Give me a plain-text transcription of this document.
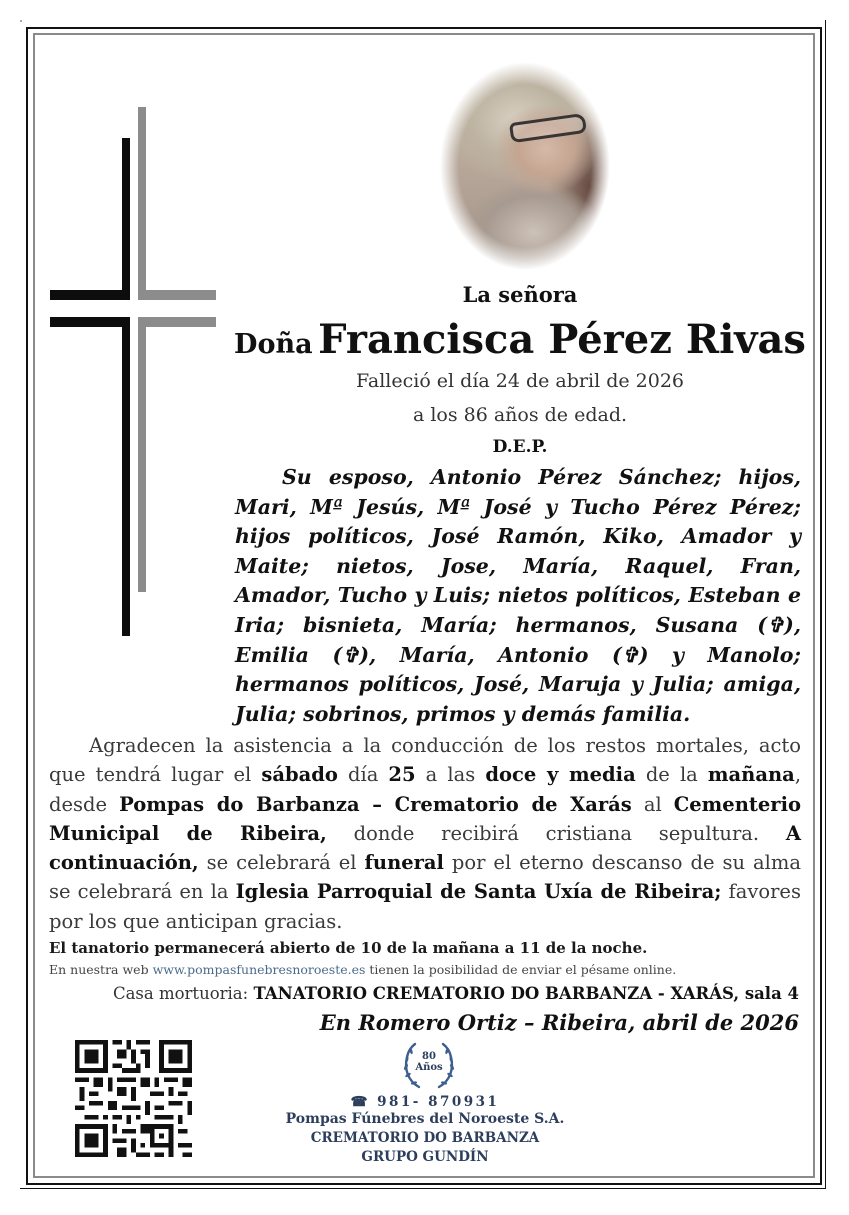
La señora
Doña Francisca Pérez Rivas
Falleció el día 24 de abril de 2026
a los 86 años de edad.
D.E.P.
Su esposo, Antonio Pérez Sánchez; hijos, Mari, Mª Jesús, Mª José y Tucho Pérez Pérez; hijos políticos, José Ramón, Kiko, Amador y Maite; nietos, Jose, María, Raquel, Fran, Amador, Tucho y Luis; nietos políticos, Esteban e Iria; bisnieta, María; hermanos, Susana (✞), Emilia (✞), María, Antonio (✞) y Manolo; hermanos políticos, José, Maruja y Julia; amiga, Julia; sobrinos, primos y demás familia.
Agradecen la asistencia a la conducción de los restos mortales, acto que tendrá lugar el sábado día 25 a las doce y media de la mañana, desde Pompas do Barbanza – Crematorio de Xarás al Cementerio Municipal de Ribeira, donde recibirá cristiana sepultura. A continuación, se celebrará el funeral por el eterno descanso de su alma se celebrará en la Iglesia Parroquial de Santa Uxía de Ribeira; favores por los que anticipan gracias.
El tanatorio permanecerá abierto de 10 de la mañana a 11 de la noche.
En nuestra web www.pompasfunebresnoroeste.es tienen la posibilidad de enviar el pésame online.
Casa mortuoria: TANATORIO CREMATORIO DO BARBANZA - XARÁS, sala 4
En Romero Ortiz – Ribeira, abril de 2026
80
Años
☎ 981- 870931
Pompas Fúnebres del Noroeste S.A.
CREMATORIO DO BARBANZA
GRUPO GUNDÍN
